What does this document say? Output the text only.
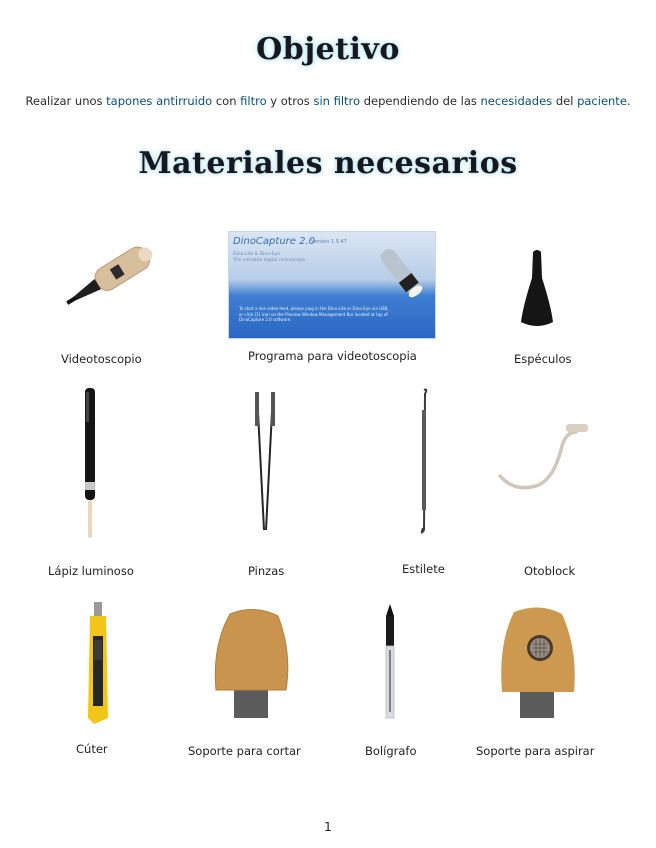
Objetivo
Realizar unos tapones antirruido con filtro y otros sin filtro dependiendo de las necesidades del paciente.
Materiales necesarios
Videotoscopio
DinoCapture 2.0
Version 1.5.47
Dino-Lite & Dino-Eye
The versatile digital microscope
To start a live video feed, please plug in the Dino-Lite or Dino-Eye via USB, or click [1] icon on the Preview Window Management Bar located at top of DinoCapture 2.0 software.
Programa para videotoscopia	Espéculos
Lápiz luminoso	Pinzas	Estilete	Otoblock
Cúter	Soporte para cortar	Bolígrafo	Soporte para aspirar
1
